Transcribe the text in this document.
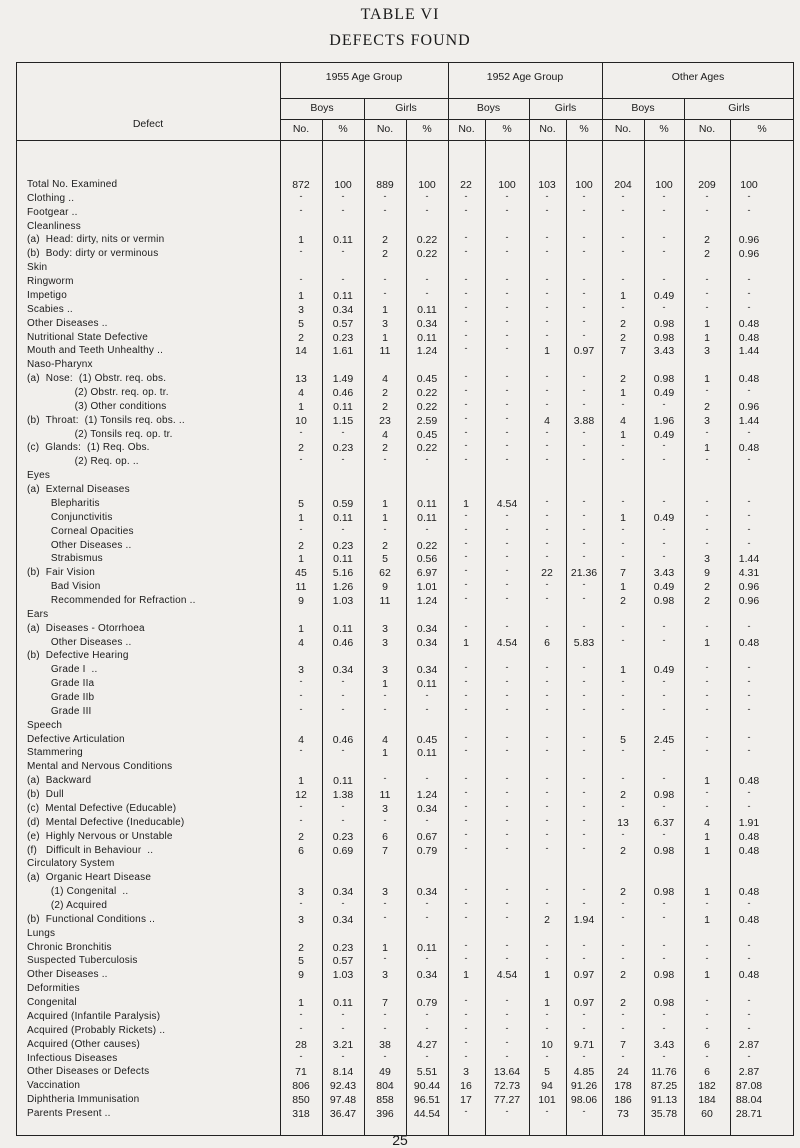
TABLE VI
DEFECTS FOUND
Defect
1955 Age Group	1952 Age Group	Other Ages
Boys	Girls	Boys	Girls	Boys	Girls
No.	%	No.	%	No.	%	No.	%	No.	%	No.	%
Total No. Examined	872	100	889	100	22	100	103	100	204	100	209	100
Clothing ..	-	-	-	-	-	-	-	-	-	-	-	-
Footgear ..	-	-	-	-	-	-	-	-	-	-	-	-
Cleanliness
(a)  Head: dirty, nits or vermin	1	0.11	2	0.22	-	-	-	-	-	-	2	0.96
(b)  Body: dirty or verminous	-	-	2	0.22	-	-	-	-	-	-	2	0.96
Skin
Ringworm	-	-	-	-	-	-	-	-	-	-	-	-
Impetigo	1	0.11	-	-	-	-	-	-	1	0.49	-	-
Scabies ..	3	0.34	1	0.11	-	-	-	-	-	-	-	-
Other Diseases ..	5	0.57	3	0.34	-	-	-	-	2	0.98	1	0.48
Nutritional State Defective	2	0.23	1	0.11	-	-	-	-	2	0.98	1	0.48
Mouth and Teeth Unhealthy ..	14	1.61	11	1.24	-	-	1	0.97	7	3.43	3	1.44
Naso-Pharynx
(a)  Nose:  (1) Obstr. req. obs.	13	1.49	4	0.45	-	-	-	-	2	0.98	1	0.48
(2) Obstr. req. op. tr.	4	0.46	2	0.22	-	-	-	-	1	0.49	-	-
(3) Other conditions	1	0.11	2	0.22	-	-	-	-	-	-	2	0.96
(b)  Throat:  (1) Tonsils req. obs. ..	10	1.15	23	2.59	-	-	4	3.88	4	1.96	3	1.44
(2) Tonsils req. op. tr.	-	-	4	0.45	-	-	-	-	1	0.49	-	-
(c)  Glands:  (1) Req. Obs.	2	0.23	2	0.22	-	-	-	-	-	-	1	0.48
(2) Req. op. ..	-	-	-	-	-	-	-	-	-	-	-	-
Eyes
(a)  External Diseases
Blepharitis	5	0.59	1	0.11	1	4.54	-	-	-	-	-	-
Conjunctivitis	1	0.11	1	0.11	-	-	-	-	1	0.49	-	-
Corneal Opacities	-	-	-	-	-	-	-	-	-	-	-	-
Other Diseases ..	2	0.23	2	0.22	-	-	-	-	-	-	-	-
Strabismus	1	0.11	5	0.56	-	-	-	-	-	-	3	1.44
(b)  Fair Vision	45	5.16	62	6.97	-	-	22	21.36	7	3.43	9	4.31
Bad Vision	11	1.26	9	1.01	-	-	-	-	1	0.49	2	0.96
Recommended for Refraction ..	9	1.03	11	1.24	-	-	-	-	2	0.98	2	0.96
Ears
(a)  Diseases - Otorrhoea	1	0.11	3	0.34	-	-	-	-	-	-	-	-
Other Diseases ..	4	0.46	3	0.34	1	4.54	6	5.83	-	-	1	0.48
(b)  Defective Hearing
Grade I  ..	3	0.34	3	0.34	-	-	-	-	1	0.49	-	-
Grade IIa	-	-	1	0.11	-	-	-	-	-	-	-	-
Grade IIb	-	-	-	-	-	-	-	-	-	-	-	-
Grade III	-	-	-	-	-	-	-	-	-	-	-	-
Speech
Defective Articulation	4	0.46	4	0.45	-	-	-	-	5	2.45	-	-
Stammering	-	-	1	0.11	-	-	-	-	-	-	-	-
Mental and Nervous Conditions
(a)  Backward	1	0.11	-	-	-	-	-	-	-	-	1	0.48
(b)  Dull	12	1.38	11	1.24	-	-	-	-	2	0.98	-	-
(c)  Mental Defective (Educable)	-	-	3	0.34	-	-	-	-	-	-	-	-
(d)  Mental Defective (Ineducable)	-	-	-	-	-	-	-	-	13	6.37	4	1.91
(e)  Highly Nervous or Unstable	2	0.23	6	0.67	-	-	-	-	-	-	1	0.48
(f)   Difficult in Behaviour  ..	6	0.69	7	0.79	-	-	-	-	2	0.98	1	0.48
Circulatory System
(a)  Organic Heart Disease
(1) Congenital  ..	3	0.34	3	0.34	-	-	-	-	2	0.98	1	0.48
(2) Acquired	-	-	-	-	-	-	-	-	-	-	-	-
(b)  Functional Conditions ..	3	0.34	-	-	-	-	2	1.94	-	-	1	0.48
Lungs
Chronic Bronchitis	2	0.23	1	0.11	-	-	-	-	-	-	-	-
Suspected Tuberculosis	5	0.57	-	-	-	-	-	-	-	-	-	-
Other Diseases ..	9	1.03	3	0.34	1	4.54	1	0.97	2	0.98	1	0.48
Deformities
Congenital	1	0.11	7	0.79	-	-	1	0.97	2	0.98	-	-
Acquired (Infantile Paralysis)	-	-	-	-	-	-	-	-	-	-	-	-
Acquired (Probably Rickets) ..	-	-	-	-	-	-	-	-	-	-	-	-
Acquired (Other causes)	28	3.21	38	4.27	-	-	10	9.71	7	3.43	6	2.87
Infectious Diseases	-	-	-	-	-	-	-	-	-	-	-	-
Other Diseases or Defects	71	8.14	49	5.51	3	13.64	5	4.85	24	11.76	6	2.87
Vaccination	806	92.43	804	90.44	16	72.73	94	91.26	178	87.25	182	87.08
Diphtheria Immunisation	850	97.48	858	96.51	17	77.27	101	98.06	186	91.13	184	88.04
Parents Present ..	318	36.47	396	44.54	-	-	-	-	73	35.78	60	28.71
25
